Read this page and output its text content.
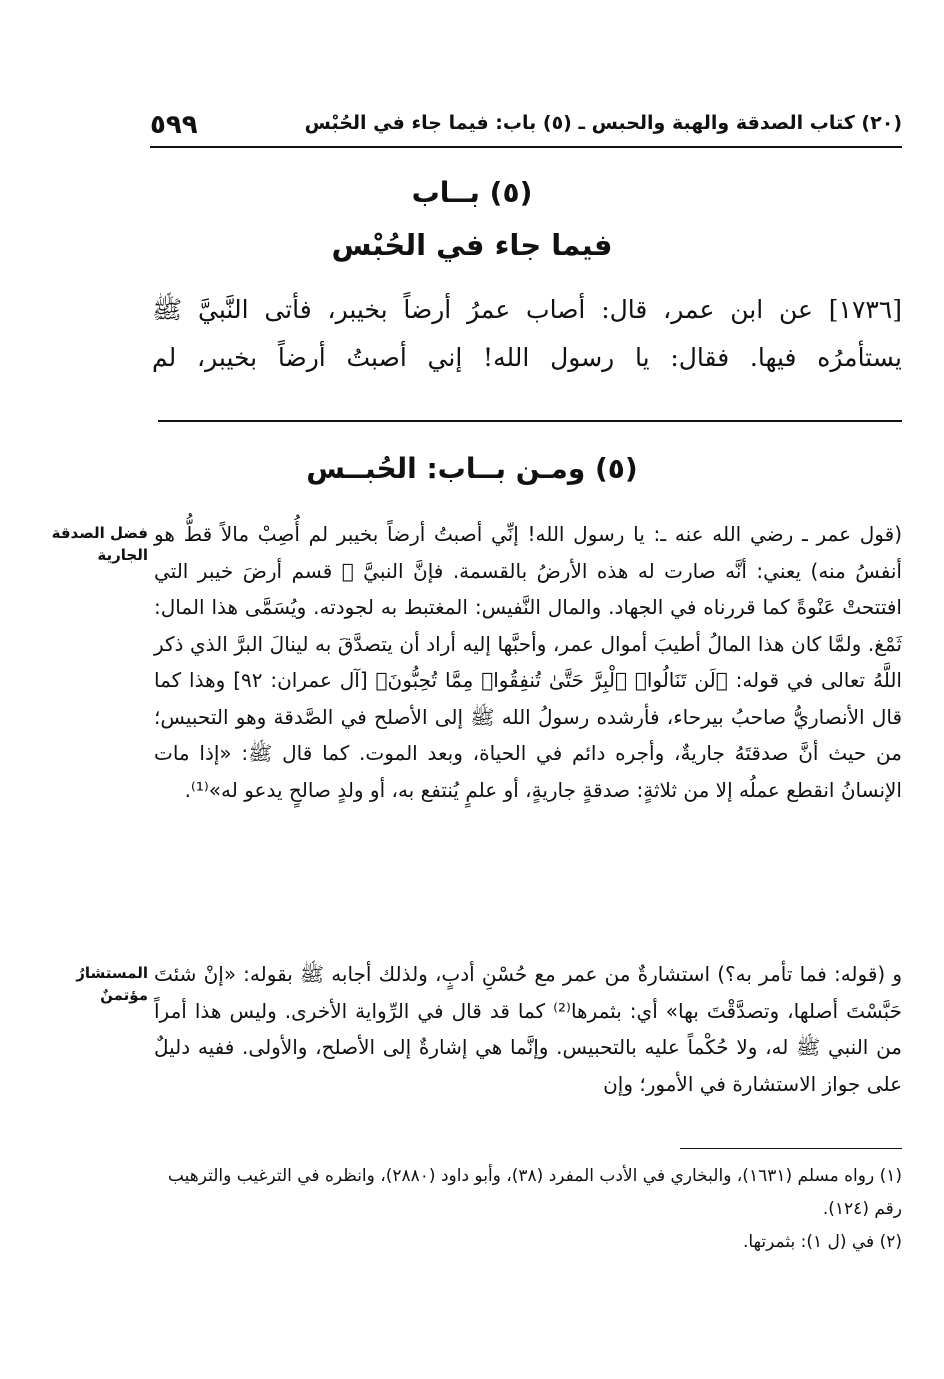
٥٩٩	(٢٠) كتاب الصدقة والهبة والحبس ـ (٥) باب: فيما جاء في الحُبْس
(٥) بــاب
فيما جاء في الحُبْس

[١٧٣٦] عن ابن عمر، قال: أصاب عمرُ أرضاً بخيبر، فأتى النَّبيَّ ﷺ يستأمرُه فيها. فقال: يا رسول الله! إني أصبتُ أرضاً بخيبر، لم

(٥) ومـن بــاب: الحُبــس
فضل الصدقة
الجارية

(قول عمر ـ رضي الله عنه ـ: يا رسول الله! إنِّي أصبتُ أرضاً بخيبر لم أُصِبْ مالاً قطُّ هو أنفسُ منه) يعني: أنَّه صارت له هذه الأرضُ بالقسمة. فإنَّ النبيَّ ﷺ قسم أرضَ خيبر التي افتتحتْ عَنْوةً كما قررناه في الجهاد. والمال النَّفيس: المغتبط به لجودته. ويُسَمَّى هذا المال: ثَمْغ. ولمَّا كان هذا المالُ أطيبَ أموال عمر، وأحبَّها إليه أراد أن يتصدَّقَ به لينالَ البرَّ الذي ذكر اللَّهُ تعالى في قوله: ﴿لَن تَنَالُوا۟ ٱلْبِرَّ حَتَّىٰ تُنفِقُوا۟ مِمَّا تُحِبُّونَ﴾ [آل عمران: ٩٢] وهذا كما قال الأنصاريُّ صاحبُ بيرحاء، فأرشده رسولُ الله ﷺ إلى الأصلح في الصَّدقة وهو التحبيس؛ من حيث أنَّ صدقتَهُ جاريةٌ، وأجره دائم في الحياة، وبعد الموت. كما قال ﷺ: «إذا مات الإنسانُ انقطع عملُه إلا من ثلاثةٍ: صدقةٍ جاريةٍ، أو علمٍ يُنتفع به، أو ولدٍ صالحٍ يدعو له»⁽¹⁾.

المستشارُ
مؤتمنٌ

و (قوله: فما تأمر به؟) استشارةٌ من عمر مع حُسْنِ أدبٍ، ولذلك أجابه ﷺ بقوله: «إنْ شئتَ حَبَّسْتَ أصلها، وتصدَّقْتَ بها» أي: بثمرها⁽²⁾ كما قد قال في الرِّواية الأخرى. وليس هذا أمراً من النبي ﷺ له، ولا حُكْماً عليه بالتحبيس. وإنَّما هي إشارةٌ إلى الأصلح، والأولى. ففيه دليلٌ على جواز الاستشارة في الأمور؛ وإن

(١) رواه مسلم (١٦٣١)، والبخاري في الأدب المفرد (٣٨)، وأبو داود (٢٨٨٠)، وانظره في الترغيب والترهيب رقم (١٢٤).

(٢) في (ل ١): بثمرتها.
